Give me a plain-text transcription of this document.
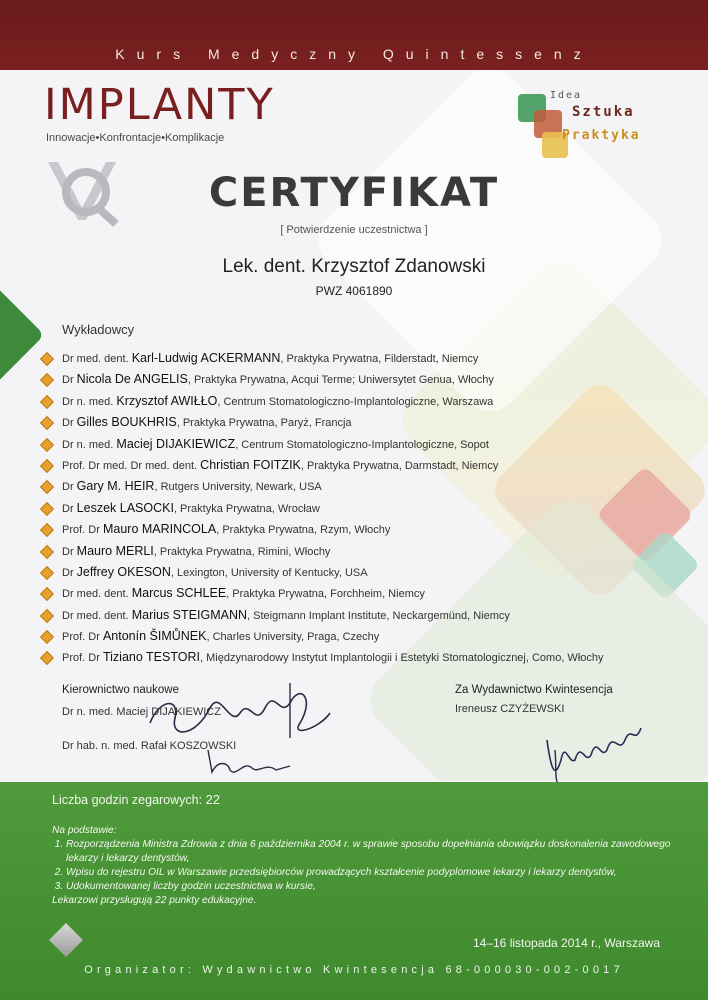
Kurs Medyczny Quintessenz
IMPLANTY
Innowacje•Konfrontacje•Komplikacje
Idea
Sztuka
Praktyka
CERTYFIKAT
[ Potwierdzenie uczestnictwa ]
Lek. dent. Krzysztof Zdanowski
PWZ 4061890
Wykładowcy
Dr med. dent. Karl-Ludwig ACKERMANN, Praktyka Prywatna, Filderstadt, Niemcy
Dr Nicola De ANGELIS, Praktyka Prywatna, Acqui Terme; Uniwersytet Genua, Włochy
Dr n. med. Krzysztof AWIŁŁO, Centrum Stomatologiczno-Implantologiczne, Warszawa
Dr Gilles BOUKHRIS, Praktyka Prywatna, Paryż, Francja
Dr n. med. Maciej DIJAKIEWICZ, Centrum Stomatologiczno-Implantologiczne, Sopot
Prof. Dr med. Dr med. dent. Christian FOITZIK, Praktyka Prywatna, Darmstadt, Niemcy
Dr Gary M. HEIR, Rutgers University, Newark, USA
Dr Leszek LASOCKI, Praktyka Prywatna, Wrocław
Prof. Dr Mauro MARINCOLA, Praktyka Prywatna, Rzym, Włochy
Dr Mauro MERLI, Praktyka Prywatna, Rimini, Włochy
Dr Jeffrey OKESON, Lexington, University of Kentucky, USA
Dr med. dent. Marcus SCHLEE, Praktyka Prywatna, Forchheim, Niemcy
Dr med. dent. Marius STEIGMANN, Steigmann Implant Institute, Neckargemünd, Niemcy
Prof. Dr Antonín ŠIMŮNEK, Charles University, Praga, Czechy
Prof. Dr Tiziano TESTORI, Międzynarodowy Instytut Implantologii i Estetyki Stomatologicznej, Como, Włochy
Kierownictwo naukowe
Dr n. med. Maciej DIJAKIEWICZ
Dr hab. n. med. Rafał KOSZOWSKI
Za Wydawnictwo Kwintesencja
Ireneusz CZYŻEWSKI
Liczba godzin zegarowych: 22
Na podstawie:
1. Rozporządzenia Ministra Zdrowia z dnia 6 października 2004 r. w sprawie sposobu dopełniania obowiązku doskonalenia zawodowego lekarzy i lekarzy dentystów,
2. Wpisu do rejestru OIL w Warszawie przedsiębiorców prowadzących kształcenie podyplomowe lekarzy i lekarzy dentystów,
3. Udokumentowanej liczby godzin uczestnictwa w kursie,
Lekarzowi przysługują 22 punkty edukacyjne.
14–16 listopada 2014 r., Warszawa
Organizator: Wydawnictwo Kwintesencja 68-000030-002-0017
